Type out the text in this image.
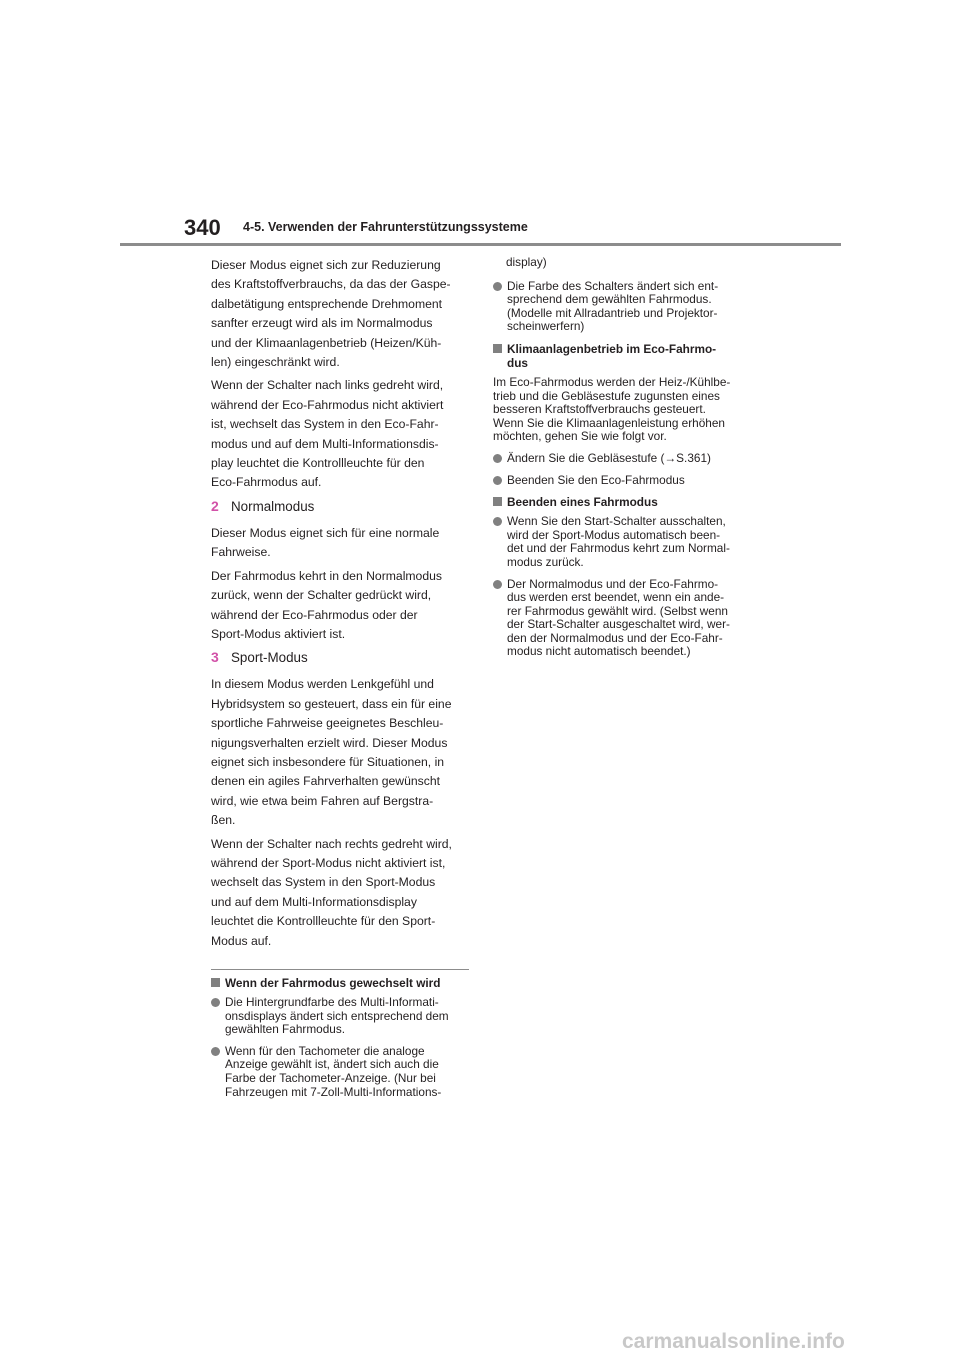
340 4-5. Verwenden der Fahrunterstützungssysteme

Dieser Modus eignet sich zur Reduzierung
des Kraftstoffverbrauchs, da das der Gaspe-
dalbetätigung entsprechende Drehmoment
sanfter erzeugt wird als im Normalmodus
und der Klimaanlagenbetrieb (Heizen/Küh-
len) eingeschränkt wird.

Wenn der Schalter nach links gedreht wird,
während der Eco-Fahrmodus nicht aktiviert
ist, wechselt das System in den Eco-Fahr-
modus und auf dem Multi-Informationsdis-
play leuchtet die Kontrollleuchte für den
Eco-Fahrmodus auf.

2 Normalmodus

Dieser Modus eignet sich für eine normale
Fahrweise.

Der Fahrmodus kehrt in den Normalmodus
zurück, wenn der Schalter gedrückt wird,
während der Eco-Fahrmodus oder der
Sport-Modus aktiviert ist.

3 Sport-Modus

In diesem Modus werden Lenkgefühl und
Hybridsystem so gesteuert, dass ein für eine
sportliche Fahrweise geeignetes Beschleu-
nigungsverhalten erzielt wird. Dieser Modus
eignet sich insbesondere für Situationen, in
denen ein agiles Fahrverhalten gewünscht
wird, wie etwa beim Fahren auf Bergstra-
ßen.

Wenn der Schalter nach rechts gedreht wird,
während der Sport-Modus nicht aktiviert ist,
wechselt das System in den Sport-Modus
und auf dem Multi-Informationsdisplay
leuchtet die Kontrollleuchte für den Sport-
Modus auf.

Wenn der Fahrmodus gewechselt wird
Die Hintergrundfarbe des Multi-Informati-
onsdisplays ändert sich entsprechend dem
gewählten Fahrmodus.
Wenn für den Tachometer die analoge
Anzeige gewählt ist, ändert sich auch die
Farbe der Tachometer-Anzeige. (Nur bei
Fahrzeugen mit 7-Zoll-Multi-Informations-
display)
Die Farbe des Schalters ändert sich ent-
sprechend dem gewählten Fahrmodus.
(Modelle mit Allradantrieb und Projektor-
scheinwerfern)
Klimaanlagenbetrieb im Eco-Fahrmo-
dus
Im Eco-Fahrmodus werden der Heiz-/Kühlbe-
trieb und die Gebläsestufe zugunsten eines
besseren Kraftstoffverbrauchs gesteuert.
Wenn Sie die Klimaanlagenleistung erhöhen
möchten, gehen Sie wie folgt vor.
Ändern Sie die Gebläsestufe (→S.361)
Beenden Sie den Eco-Fahrmodus
Beenden eines Fahrmodus
Wenn Sie den Start-Schalter ausschalten,
wird der Sport-Modus automatisch been-
det und der Fahrmodus kehrt zum Normal-
modus zurück.
Der Normalmodus und der Eco-Fahrmo-
dus werden erst beendet, wenn ein ande-
rer Fahrmodus gewählt wird. (Selbst wenn
der Start-Schalter ausgeschaltet wird, wer-
den der Normalmodus und der Eco-Fahr-
modus nicht automatisch beendet.)
carmanualsonline.info
